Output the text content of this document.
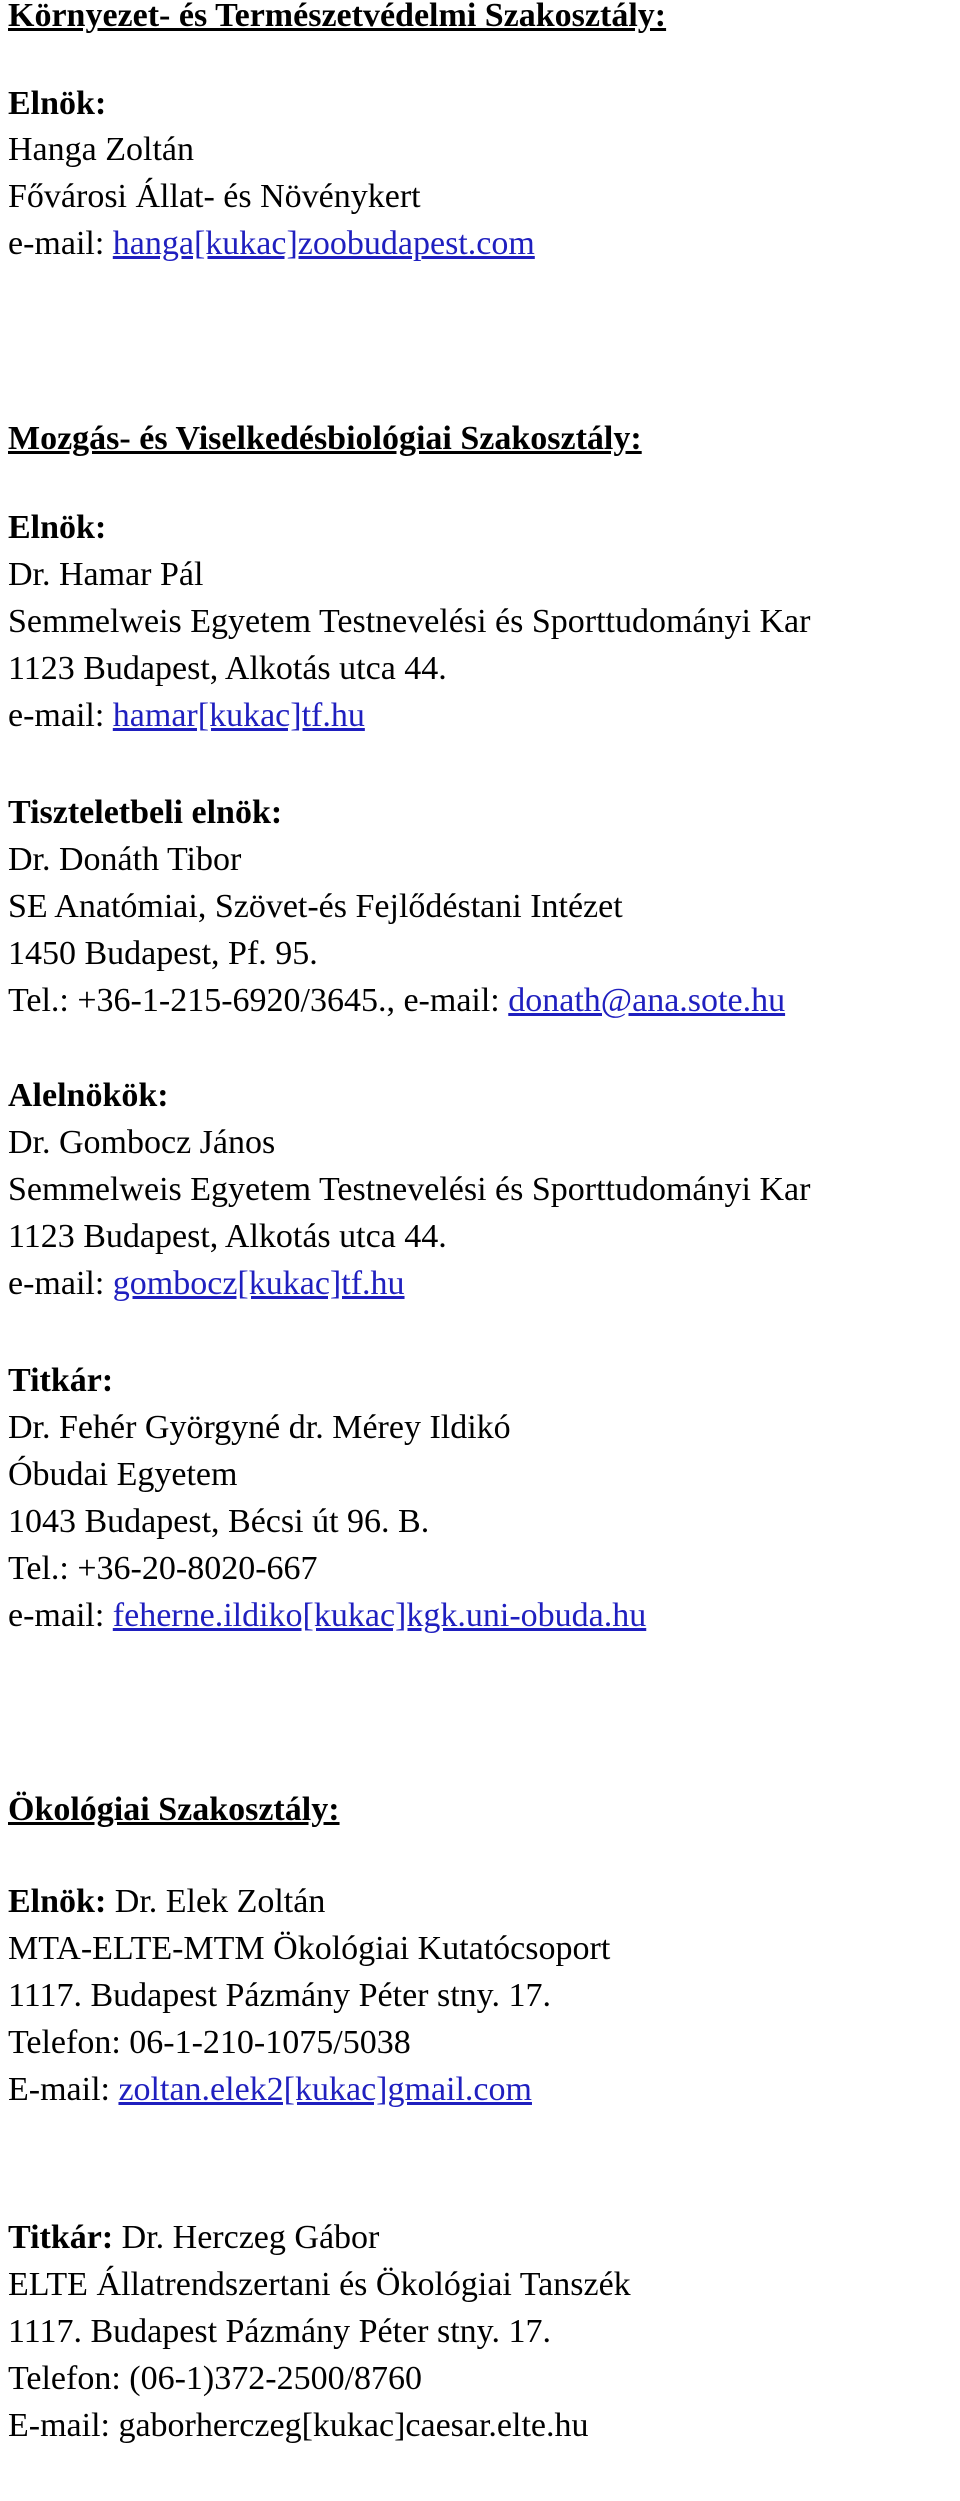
Környezet- és Természetvédelmi Szakosztály:
Elnök:
Hanga Zoltán
Fővárosi Állat- és Növénykert
e-mail: hanga[kukac]zoobudapest.com
Mozgás- és Viselkedésbiológiai Szakosztály:
Elnök:
Dr. Hamar Pál
Semmelweis Egyetem Testnevelési és Sporttudományi Kar
1123 Budapest, Alkotás utca 44.
e-mail: hamar[kukac]tf.hu
Tiszteletbeli elnök:
Dr. Donáth Tibor
SE Anatómiai, Szövet-és Fejlődéstani Intézet
1450 Budapest, Pf. 95.
Tel.: +36-1-215-6920/3645., e-mail: donath@ana.sote.hu
Alelnökök:
Dr. Gombocz János
Semmelweis Egyetem Testnevelési és Sporttudományi Kar
1123 Budapest, Alkotás utca 44.
e-mail: gombocz[kukac]tf.hu
Titkár:
Dr. Fehér Györgyné dr. Mérey Ildikó
Óbudai Egyetem
1043 Budapest, Bécsi út 96. B.
Tel.: +36-20-8020-667
e-mail: feherne.ildiko[kukac]kgk.uni-obuda.hu
Ökológiai Szakosztály:
Elnök: Dr. Elek Zoltán
MTA-ELTE-MTM Ökológiai Kutatócsoport
1117. Budapest Pázmány Péter stny. 17.
Telefon: 06-1-210-1075/5038
E-mail: zoltan.elek2[kukac]gmail.com
Titkár: Dr. Herczeg Gábor
ELTE Állatrendszertani és Ökológiai Tanszék
1117. Budapest Pázmány Péter stny. 17.
Telefon: (06-1)372-2500/8760
E-mail: gaborherczeg[kukac]caesar.elte.hu
